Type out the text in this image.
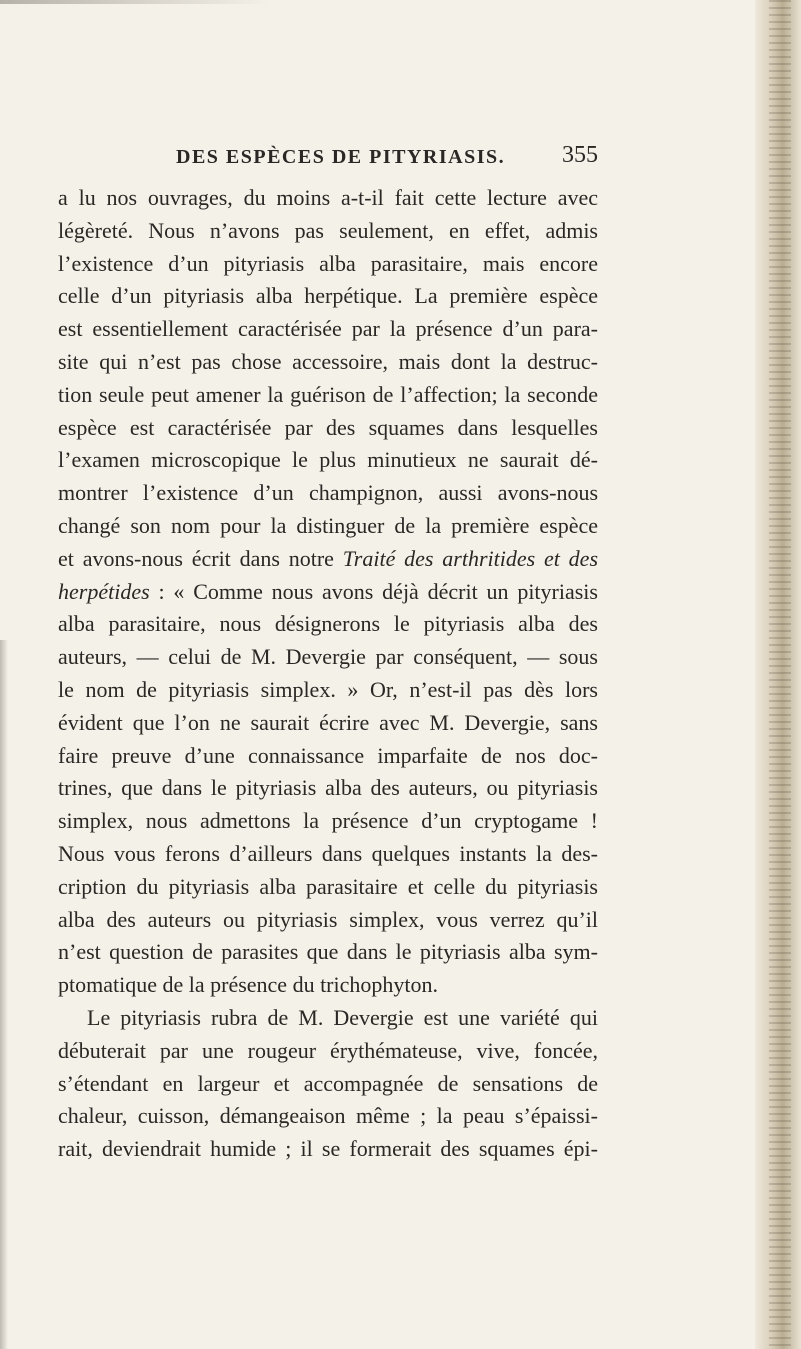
DES ESPÈCES DE PITYRIASIS. 355
a lu nos ouvrages, du moins a-t-il fait cette lecture avec
légèreté. Nous n’avons pas seulement, en effet, admis
l’existence d’un pityriasis alba parasitaire, mais encore
celle d’un pityriasis alba herpétique. La première espèce
est essentiellement caractérisée par la présence d’un para-
site qui n’est pas chose accessoire, mais dont la destruc-
tion seule peut amener la guérison de l’affection; la seconde
espèce est caractérisée par des squames dans lesquelles
l’examen microscopique le plus minutieux ne saurait dé-
montrer l’existence d’un champignon, aussi avons-nous
changé son nom pour la distinguer de la première espèce
et avons-nous écrit dans notre Traité des arthritides et des
herpétides : « Comme nous avons déjà décrit un pityriasis
alba parasitaire, nous désignerons le pityriasis alba des
auteurs, — celui de M. Devergie par conséquent, — sous
le nom de pityriasis simplex. » Or, n’est-il pas dès lors
évident que l’on ne saurait écrire avec M. Devergie, sans
faire preuve d’une connaissance imparfaite de nos doc-
trines, que dans le pityriasis alba des auteurs, ou pityriasis
simplex, nous admettons la présence d’un cryptogame !
Nous vous ferons d’ailleurs dans quelques instants la des-
cription du pityriasis alba parasitaire et celle du pityriasis
alba des auteurs ou pityriasis simplex, vous verrez qu’il
n’est question de parasites que dans le pityriasis alba sym-
ptomatique de la présence du trichophyton.
Le pityriasis rubra de M. Devergie est une variété qui
débuterait par une rougeur érythémateuse, vive, foncée,
s’étendant en largeur et accompagnée de sensations de
chaleur, cuisson, démangeaison même ; la peau s’épaissi-
rait, deviendrait humide ; il se formerait des squames épi-
